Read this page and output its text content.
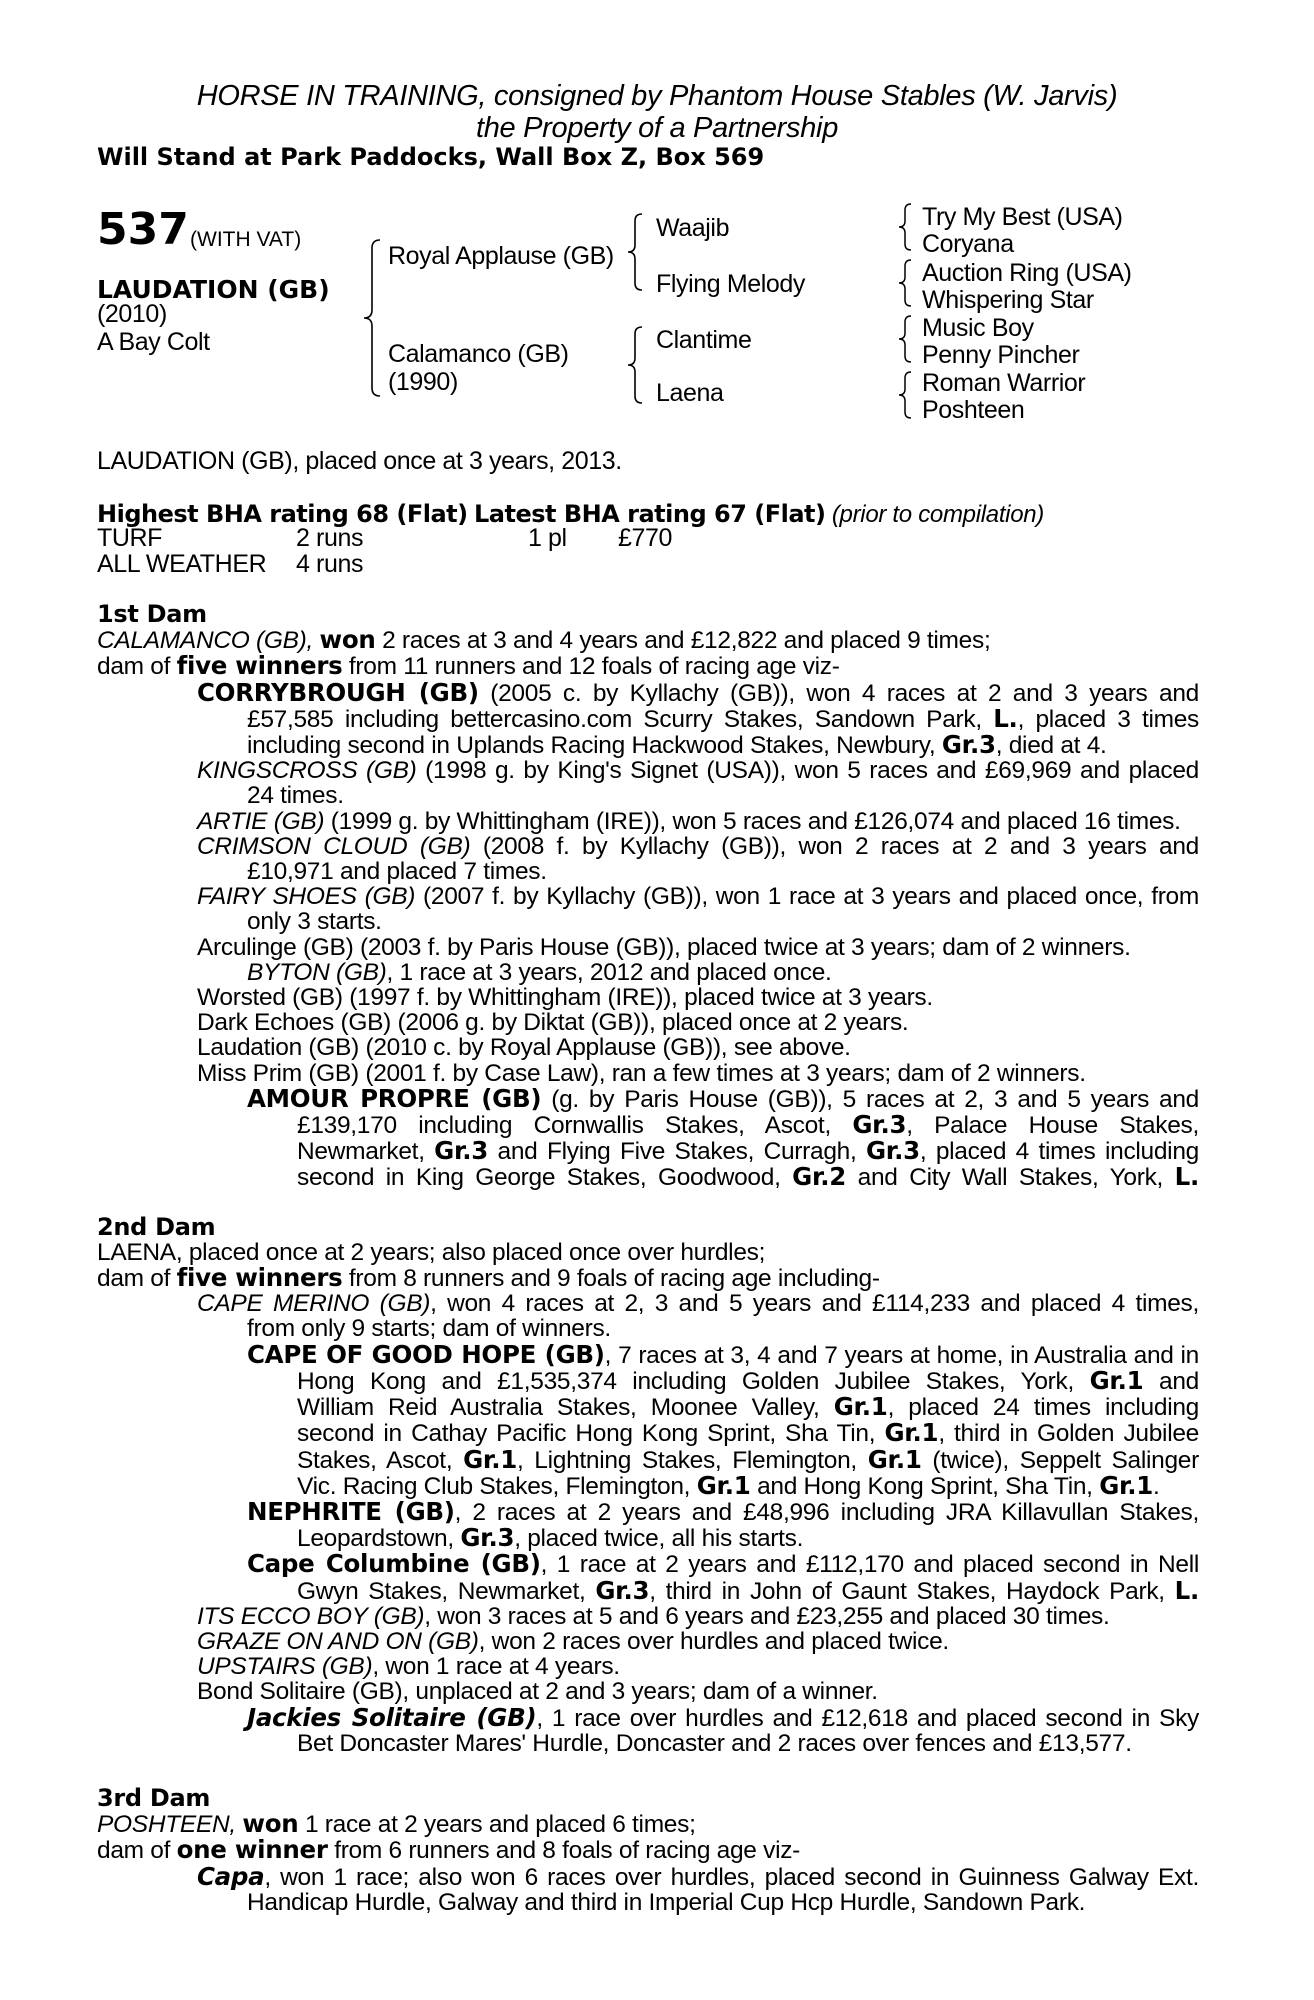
HORSE IN TRAINING, consigned by Phantom House Stables (W. Jarvis)
the Property of a Partnership
Will Stand at Park Paddocks, Wall Box Z, Box 569
537 (WITH VAT)
LAUDATION (GB)
(2010)
A Bay Colt
Royal Applause (GB)
Calamanco (GB)
(1990)
Waajib
Flying Melody
Clantime
Laena
Try My Best (USA)
Coryana
Auction Ring (USA)
Whispering Star
Music Boy
Penny Pincher
Roman Warrior
Poshteen
LAUDATION (GB), placed once at 3 years, 2013.
Highest BHA rating 68 (Flat) Latest BHA rating 67 (Flat) (prior to compilation)
TURF	2 runs	1 pl £770
ALL WEATHER 4 runs
1st Dam
CALAMANCO (GB), won 2 races at 3 and 4 years and £12,822 and placed 9 times;
dam of five winners from 11 runners and 12 foals of racing age viz-
CORRYBROUGH (GB) (2005 c. by Kyllachy (GB)), won 4 races at 2 and 3 years and
£57,585 including bettercasino.com Scurry Stakes, Sandown Park, L., placed 3 times
including second in Uplands Racing Hackwood Stakes, Newbury, Gr.3, died at 4.
KINGSCROSS (GB) (1998 g. by King's Signet (USA)), won 5 races and £69,969 and placed
24 times.
ARTIE (GB) (1999 g. by Whittingham (IRE)), won 5 races and £126,074 and placed 16 times.
CRIMSON CLOUD (GB) (2008 f. by Kyllachy (GB)), won 2 races at 2 and 3 years and
£10,971 and placed 7 times.
FAIRY SHOES (GB) (2007 f. by Kyllachy (GB)), won 1 race at 3 years and placed once, from
only 3 starts.
Arculinge (GB) (2003 f. by Paris House (GB)), placed twice at 3 years; dam of 2 winners.
BYTON (GB), 1 race at 3 years, 2012 and placed once.
Worsted (GB) (1997 f. by Whittingham (IRE)), placed twice at 3 years.
Dark Echoes (GB) (2006 g. by Diktat (GB)), placed once at 2 years.
Laudation (GB) (2010 c. by Royal Applause (GB)), see above.
Miss Prim (GB) (2001 f. by Case Law), ran a few times at 3 years; dam of 2 winners.
AMOUR PROPRE (GB) (g. by Paris House (GB)), 5 races at 2, 3 and 5 years and
£139,170 including Cornwallis Stakes, Ascot, Gr.3, Palace House Stakes,
Newmarket, Gr.3 and Flying Five Stakes, Curragh, Gr.3, placed 4 times including
second in King George Stakes, Goodwood, Gr.2 and City Wall Stakes, York, L.
2nd Dam
LAENA, placed once at 2 years; also placed once over hurdles;
dam of five winners from 8 runners and 9 foals of racing age including-
CAPE MERINO (GB), won 4 races at 2, 3 and 5 years and £114,233 and placed 4 times,
from only 9 starts; dam of winners.
CAPE OF GOOD HOPE (GB), 7 races at 3, 4 and 7 years at home, in Australia and in
Hong Kong and £1,535,374 including Golden Jubilee Stakes, York, Gr.1 and
William Reid Australia Stakes, Moonee Valley, Gr.1, placed 24 times including
second in Cathay Pacific Hong Kong Sprint, Sha Tin, Gr.1, third in Golden Jubilee
Stakes, Ascot, Gr.1, Lightning Stakes, Flemington, Gr.1 (twice), Seppelt Salinger
Vic. Racing Club Stakes, Flemington, Gr.1 and Hong Kong Sprint, Sha Tin, Gr.1.
NEPHRITE (GB), 2 races at 2 years and £48,996 including JRA Killavullan Stakes,
Leopardstown, Gr.3, placed twice, all his starts.
Cape Columbine (GB), 1 race at 2 years and £112,170 and placed second in Nell
Gwyn Stakes, Newmarket, Gr.3, third in John of Gaunt Stakes, Haydock Park, L.
ITS ECCO BOY (GB), won 3 races at 5 and 6 years and £23,255 and placed 30 times.
GRAZE ON AND ON (GB), won 2 races over hurdles and placed twice.
UPSTAIRS (GB), won 1 race at 4 years.
Bond Solitaire (GB), unplaced at 2 and 3 years; dam of a winner.
Jackies Solitaire (GB), 1 race over hurdles and £12,618 and placed second in Sky
Bet Doncaster Mares' Hurdle, Doncaster and 2 races over fences and £13,577.
3rd Dam
POSHTEEN, won 1 race at 2 years and placed 6 times;
dam of one winner from 6 runners and 8 foals of racing age viz-
Capa, won 1 race; also won 6 races over hurdles, placed second in Guinness Galway Ext.
Handicap Hurdle, Galway and third in Imperial Cup Hcp Hurdle, Sandown Park.
